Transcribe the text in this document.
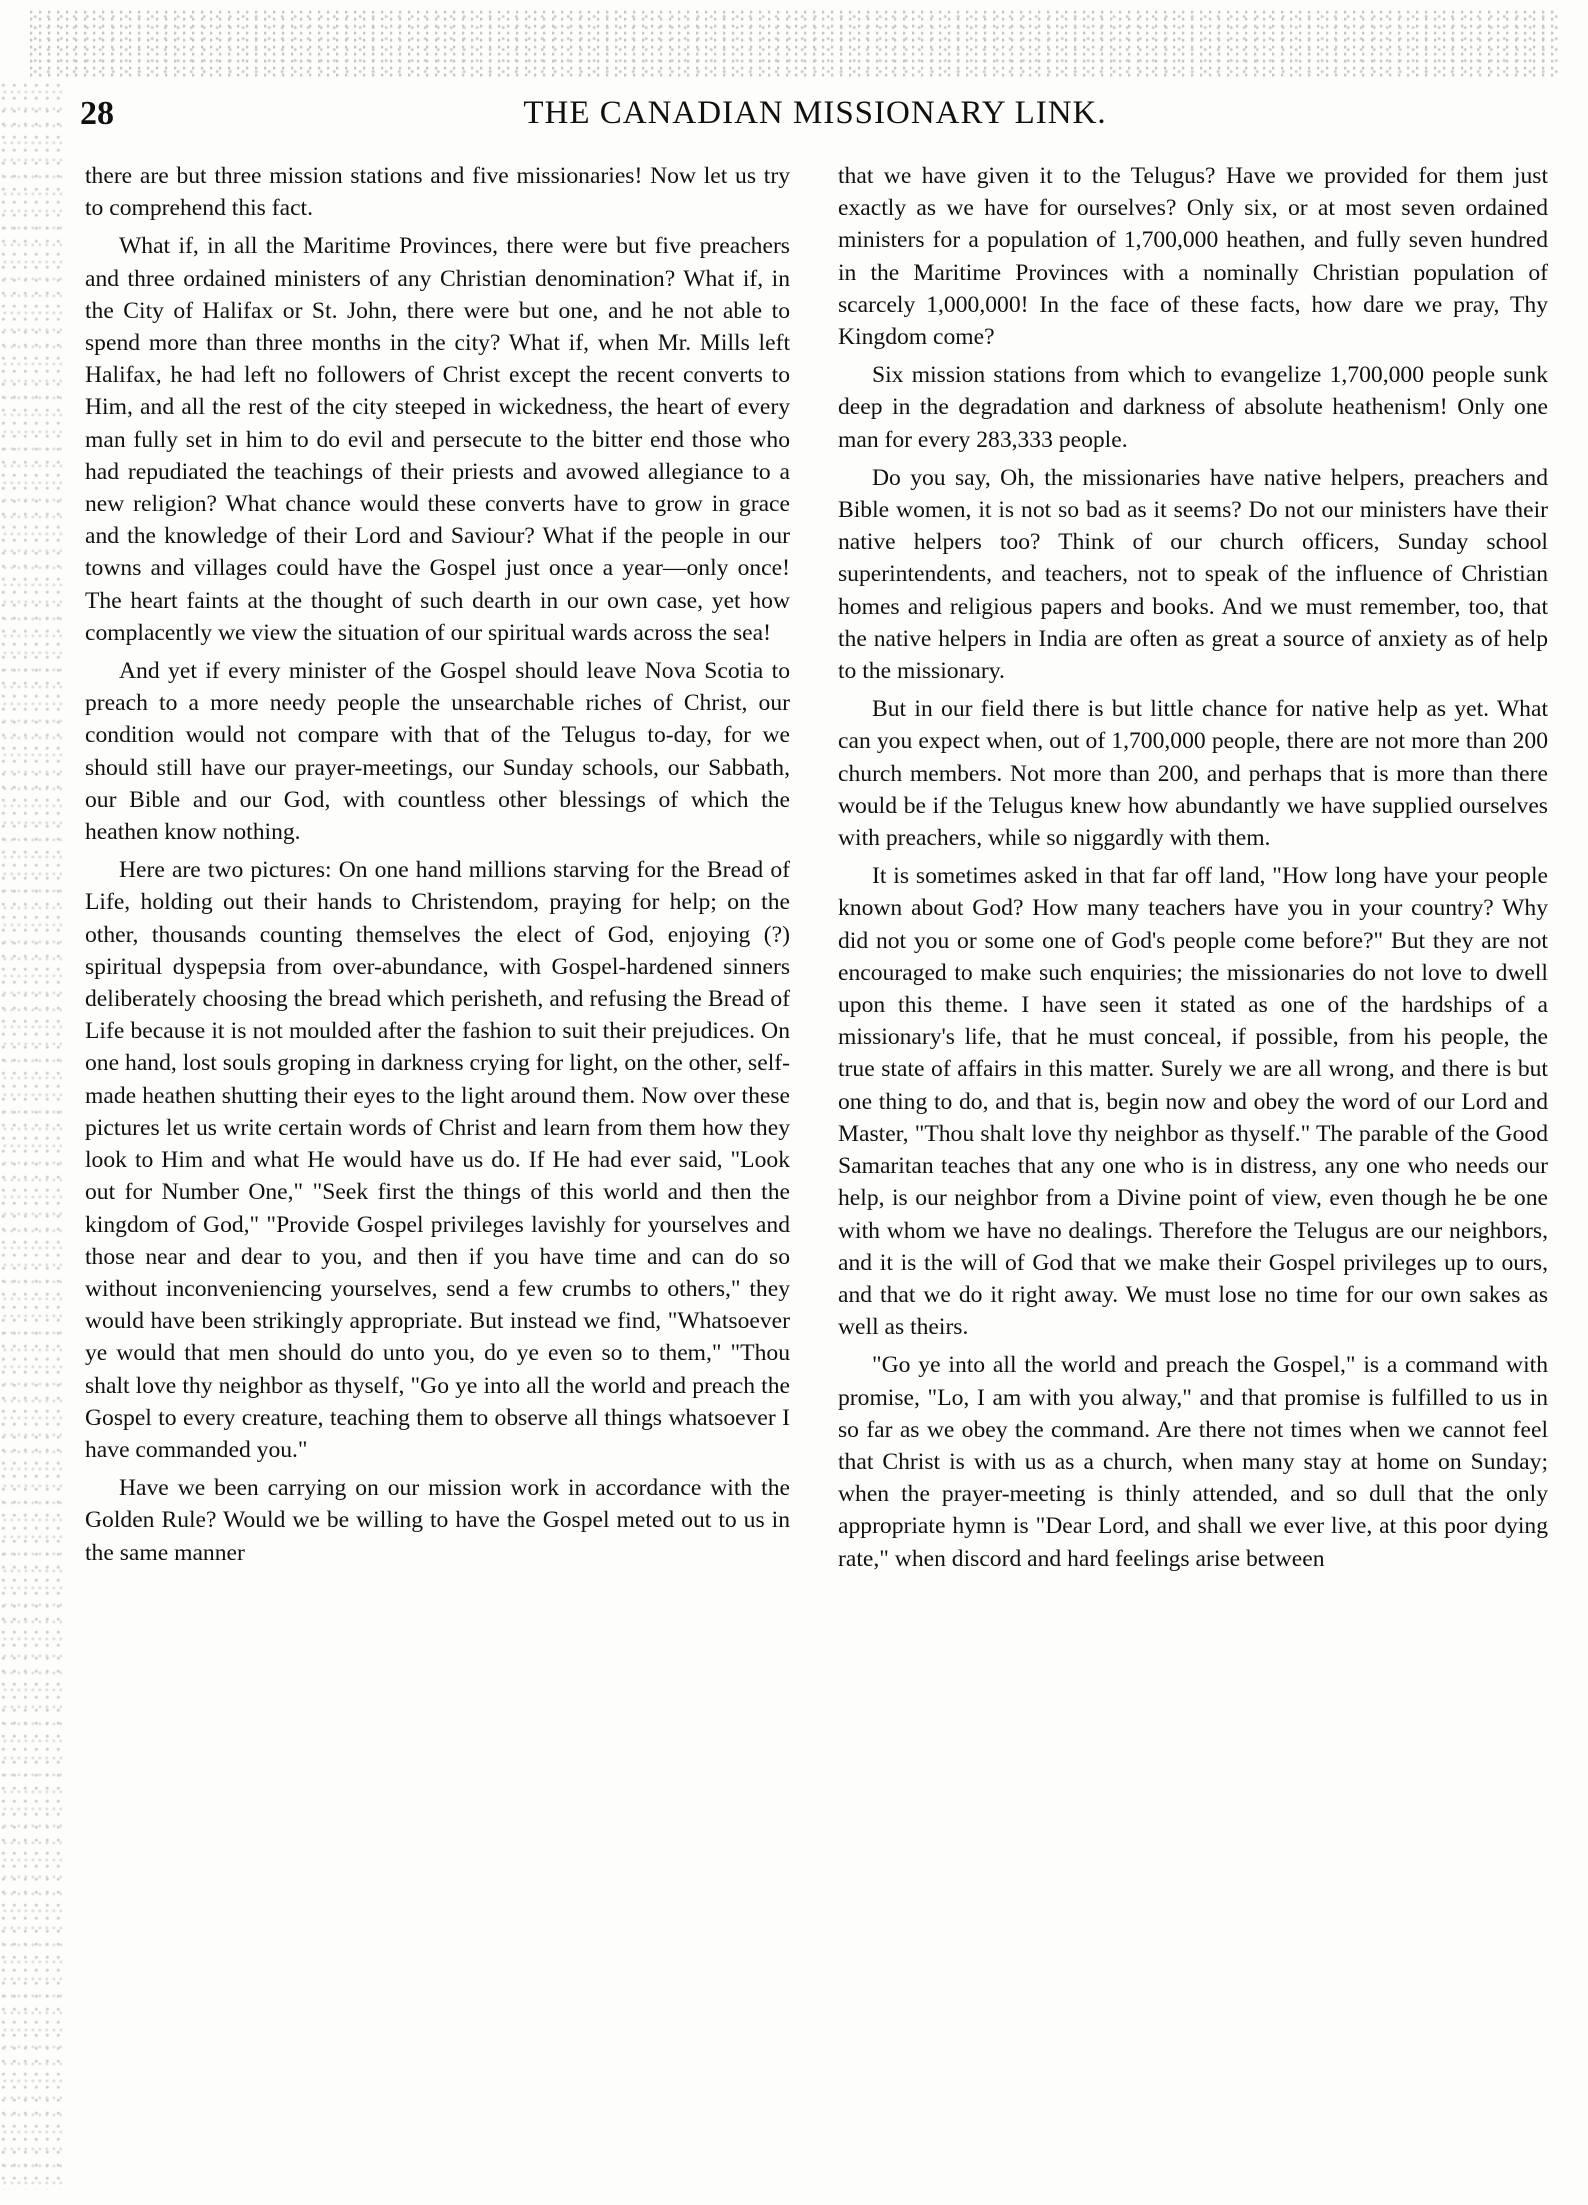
28	THE CANADIAN MISSIONARY LINK.

there are but three mission stations and five missionaries! Now let us try to comprehend this fact.

What if, in all the Maritime Provinces, there were but five preachers and three ordained ministers of any Christian denomination? What if, in the City of Halifax or St. John, there were but one, and he not able to spend more than three months in the city? What if, when Mr. Mills left Halifax, he had left no followers of Christ except the recent converts to Him, and all the rest of the city steeped in wickedness, the heart of every man fully set in him to do evil and persecute to the bitter end those who had repudiated the teachings of their priests and avowed allegiance to a new religion? What chance would these converts have to grow in grace and the knowledge of their Lord and Saviour? What if the people in our towns and villages could have the Gospel just once a year—only once! The heart faints at the thought of such dearth in our own case, yet how complacently we view the situation of our spiritual wards across the sea!

And yet if every minister of the Gospel should leave Nova Scotia to preach to a more needy people the unsearchable riches of Christ, our condition would not compare with that of the Telugus to-day, for we should still have our prayer-meetings, our Sunday schools, our Sabbath, our Bible and our God, with countless other blessings of which the heathen know nothing.

Here are two pictures: On one hand millions starving for the Bread of Life, holding out their hands to Christendom, praying for help; on the other, thousands counting themselves the elect of God, enjoying (?) spiritual dyspepsia from over-abundance, with Gospel-hardened sinners deliberately choosing the bread which perisheth, and refusing the Bread of Life because it is not moulded after the fashion to suit their prejudices. On one hand, lost souls groping in darkness crying for light, on the other, self-made heathen shutting their eyes to the light around them. Now over these pictures let us write certain words of Christ and learn from them how they look to Him and what He would have us do. If He had ever said, "Look out for Number One," "Seek first the things of this world and then the kingdom of God," "Provide Gospel privileges lavishly for yourselves and those near and dear to you, and then if you have time and can do so without inconveniencing yourselves, send a few crumbs to others," they would have been strikingly appropriate. But instead we find, "Whatsoever ye would that men should do unto you, do ye even so to them," "Thou shalt love thy neighbor as thyself, "Go ye into all the world and preach the Gospel to every creature, teaching them to observe all things whatsoever I have commanded you."

Have we been carrying on our mission work in accordance with the Golden Rule? Would we be willing to have the Gospel meted out to us in the same manner

that we have given it to the Telugus? Have we provided for them just exactly as we have for ourselves? Only six, or at most seven ordained ministers for a population of 1,700,000 heathen, and fully seven hundred in the Maritime Provinces with a nominally Christian population of scarcely 1,000,000! In the face of these facts, how dare we pray, Thy Kingdom come?

Six mission stations from which to evangelize 1,700,000 people sunk deep in the degradation and darkness of absolute heathenism! Only one man for every 283,333 people.

Do you say, Oh, the missionaries have native helpers, preachers and Bible women, it is not so bad as it seems? Do not our ministers have their native helpers too? Think of our church officers, Sunday school superintendents, and teachers, not to speak of the influence of Christian homes and religious papers and books. And we must remember, too, that the native helpers in India are often as great a source of anxiety as of help to the missionary.

But in our field there is but little chance for native help as yet. What can you expect when, out of 1,700,000 people, there are not more than 200 church members. Not more than 200, and perhaps that is more than there would be if the Telugus knew how abundantly we have supplied ourselves with preachers, while so niggardly with them.

It is sometimes asked in that far off land, "How long have your people known about God? How many teachers have you in your country? Why did not you or some one of God's people come before?" But they are not encouraged to make such enquiries; the missionaries do not love to dwell upon this theme. I have seen it stated as one of the hardships of a missionary's life, that he must conceal, if possible, from his people, the true state of affairs in this matter. Surely we are all wrong, and there is but one thing to do, and that is, begin now and obey the word of our Lord and Master, "Thou shalt love thy neighbor as thyself." The parable of the Good Samaritan teaches that any one who is in distress, any one who needs our help, is our neighbor from a Divine point of view, even though he be one with whom we have no dealings. Therefore the Telugus are our neighbors, and it is the will of God that we make their Gospel privileges up to ours, and that we do it right away. We must lose no time for our own sakes as well as theirs.

"Go ye into all the world and preach the Gospel," is a command with promise, "Lo, I am with you alway," and that promise is fulfilled to us in so far as we obey the command. Are there not times when we cannot feel that Christ is with us as a church, when many stay at home on Sunday; when the prayer-meeting is thinly attended, and so dull that the only appropriate hymn is "Dear Lord, and shall we ever live, at this poor dying rate," when discord and hard feelings arise between
